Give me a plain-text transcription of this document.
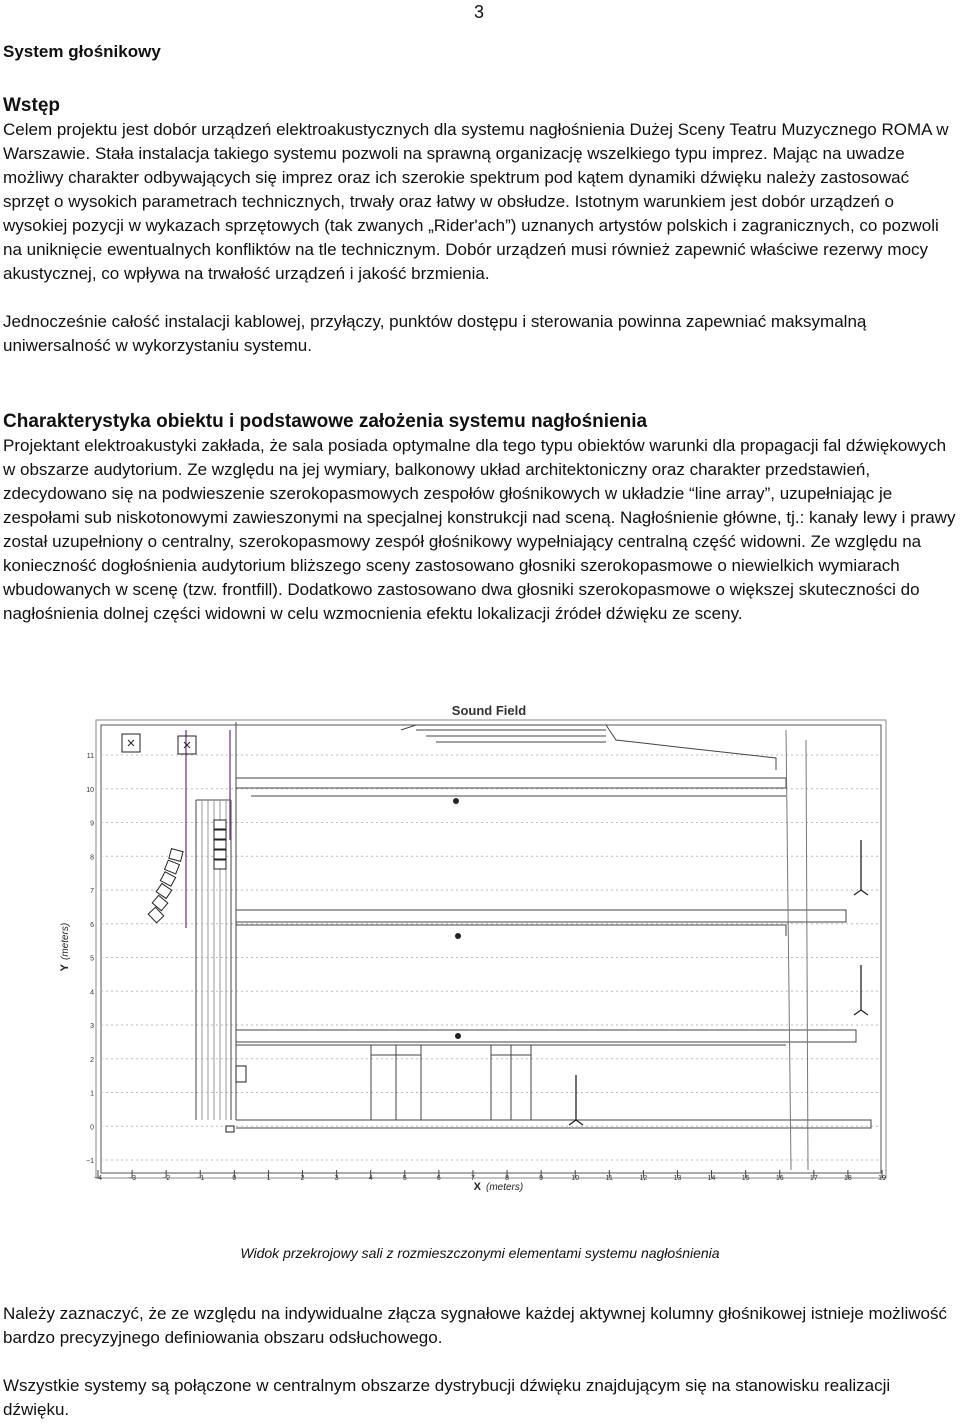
3
System głośnikowy
Wstęp

Celem projektu jest dobór urządzeń elektroakustycznych dla systemu nagłośnienia Dużej Sceny Teatru Muzycznego ROMA w Warszawie. Stała instalacja takiego systemu pozwoli na sprawną organizację wszelkiego typu imprez. Mając na uwadze możliwy charakter odbywających się imprez oraz ich szerokie spektrum pod kątem dynamiki dźwięku należy zastosować sprzęt o wysokich parametrach technicznych, trwały oraz łatwy w obsłudze. Istotnym warunkiem jest dobór urządzeń o wysokiej pozycji w wykazach sprzętowych (tak zwanych „Rider'ach”) uznanych artystów polskich i zagranicznych, co pozwoli na uniknięcie ewentualnych konfliktów na tle technicznym. Dobór urządzeń musi również zapewnić właściwe rezerwy mocy akustycznej, co wpływa na trwałość urządzeń i jakość brzmienia.

Jednocześnie całość instalacji kablowej, przyłączy, punktów dostępu i sterowania powinna zapewniać maksymalną uniwersalność w wykorzystaniu systemu.

Charakterystyka obiektu i podstawowe założenia systemu nagłośnienia

Projektant elektroakustyki zakłada, że sala posiada optymalne dla tego typu obiektów warunki dla propagacji fal dźwiękowych w obszarze audytorium. Ze względu na jej wymiary, balkonowy układ architektoniczny oraz charakter przedstawień, zdecydowano się na podwieszenie szerokopasmowych zespołów głośnikowych w układzie “line array”, uzupełniając je zespołami sub niskotonowymi zawieszonymi na specjalnej konstrukcji nad sceną. Nagłośnienie główne, tj.: kanały lewy i prawy został uzupełniony o centralny, szerokopasmowy zespół głośnikowy wypełniający centralną część widowni. Ze względu na konieczność dogłośnienia audytorium bliższego sceny zastosowano głosniki szerokopasmowe o niewielkich wymiarach wbudowanych w scenę (tzw. frontfill). Dodatkowo zastosowano dwa głosniki szerokopasmowe o większej skuteczności do nagłośnienia dolnej części widowni w celu wzmocnienia efektu lokalizacji źródeł dźwięku ze sceny.

Sound Field
−4	−3	−2	−1	0	1	2	3	4	5	6	7	8	9	10	11	12	13	14	15	16	17	18	19
11
10
9
8
7
6
5
4
3
2
1
0
−1
X (meters)
Y
(meters)
Widok przekrojowy sali z rozmieszczonymi elementami systemu nagłośnienia

Należy zaznaczyć, że ze względu na indywidualne złącza sygnałowe każdej aktywnej kolumny głośnikowej istnieje możliwość bardzo precyzyjnego definiowania obszaru odsłuchowego.

Wszystkie systemy są połączone w centralnym obszarze dystrybucji dźwięku znajdującym się na stanowisku realizacji dźwięku.
